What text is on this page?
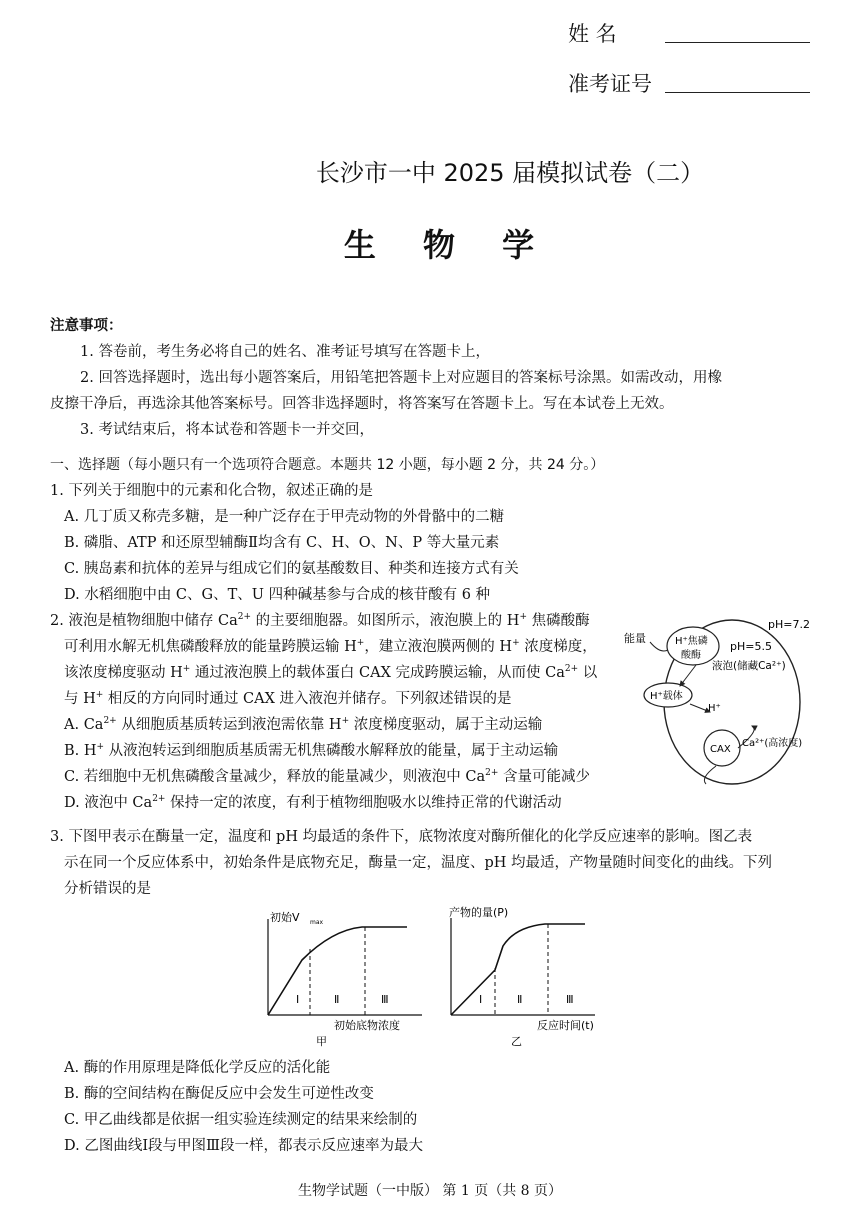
姓 名
准考证号
长沙市一中 2025 届模拟试卷（二）
生 物 学
注意事项：
1. 答卷前，考生务必将自己的姓名、准考证号填写在答题卡上，
2. 回答选择题时，选出每小题答案后，用铅笔把答题卡上对应题目的答案标号涂黑。如需改动，用橡
皮擦干净后，再选涂其他答案标号。回答非选择题时，将答案写在答题卡上。写在本试卷上无效。
3. 考试结束后，将本试卷和答题卡一并交回，
一、选择题（每小题只有一个选项符合题意。本题共 12 小题，每小题 2 分，共 24 分。）
1. 下列关于细胞中的元素和化合物，叙述正确的是
A. 几丁质又称壳多糖，是一种广泛存在于甲壳动物的外骨骼中的二糖
B. 磷脂、ATP 和还原型辅酶Ⅱ均含有 C、H、O、N、P 等大量元素
C. 胰岛素和抗体的差异与组成它们的氨基酸数目、种类和连接方式有关
D. 水稻细胞中由 C、G、T、U 四种碱基参与合成的核苷酸有 6 种
2. 液泡是植物细胞中储存 $Ca^{2+}$ 的主要细胞器。如图所示，液泡膜上的 H+ 焦磷酸酶
可利用水解无机焦磷酸释放的能量跨膜运输 H+，建立液泡膜两侧的 H+ 浓度梯度，
该浓度梯度驱动 H+ 通过液泡膜上的载体蛋白 CAX 完成跨膜运输，从而使 $Ca^{2+}$ 以
与 H+ 相反的方向同时通过 CAX 进入液泡并储存。下列叙述错误的是
A. $Ca^{2+}$ 从细胞质基质转运到液泡需依靠 H+ 浓度梯度驱动，属于主动运输
B. H+ 从液泡转运到细胞质基质需无机焦磷酸水解释放的能量，属于主动运输
C. 若细胞中无机焦磷酸含量减少，释放的能量减少，则液泡中 $Ca^{2+}$ 含量可能减少
D. 液泡中 $Ca^{2+}$ 保持一定的浓度，有利于植物细胞吸水以维持正常的代谢活动
pH=7.2
pH=5.5
能量	H⁺焦磷
酸酶
液泡(储藏Ca²⁺)
H⁺载体
H⁺
CAX
Ca²⁺(高浓度)
3. 下图甲表示在酶量一定，温度和 pH 均最适的条件下，底物浓度对酶所催化的化学反应速率的影响。图乙表
示在同一个反应体系中，初始条件是底物充足，酶量一定，温度、pH 均最适，产物量随时间变化的曲线。下列
分析错误的是
初始V max
Ⅰ	Ⅱ	Ⅲ
初始底物浓度
甲
产物的量(P)
Ⅰ	Ⅱ	Ⅲ
反应时间(t)
乙
A. 酶的作用原理是降低化学反应的活化能
B. 酶的空间结构在酶促反应中会发生可逆性改变
C. 甲乙曲线都是依据一组实验连续测定的结果来绘制的
D. 乙图曲线Ⅰ段与甲图Ⅲ段一样，都表示反应速率为最大
生物学试题（一中版） 第 1 页（共 8 页）
